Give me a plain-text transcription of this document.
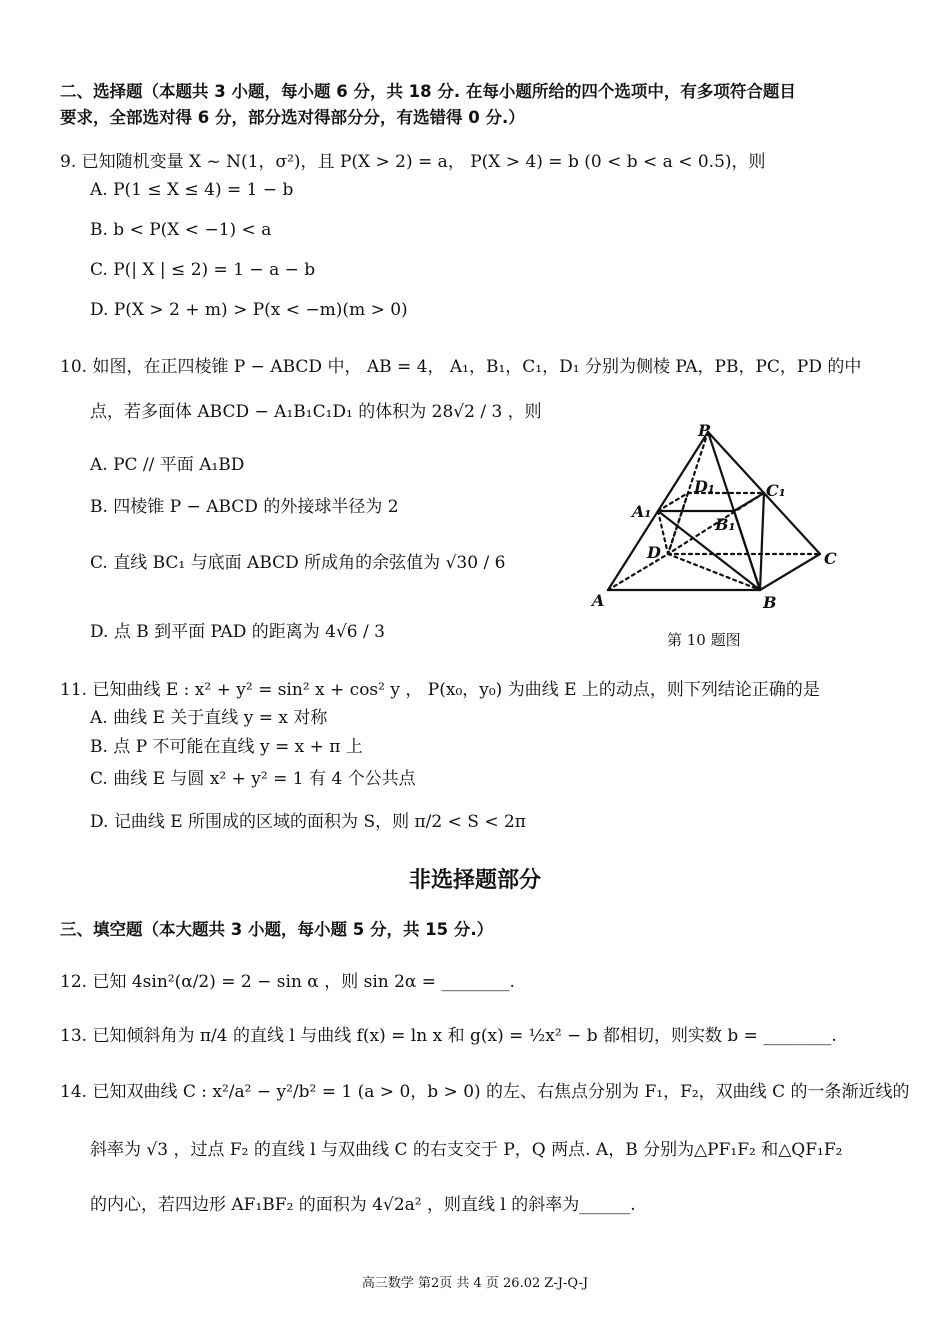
二、选择题（本题共 3 小题，每小题 6 分，共 18 分. 在每小题所给的四个选项中，有多项符合题目
要求，全部选对得 6 分，部分选对得部分分，有选错得 0 分.）
9. 已知随机变量 X ~ N(1，σ²)，且 P(X > 2) = a， P(X > 4) = b (0 < b < a < 0.5)，则
A. P(1 ≤ X ≤ 4) = 1 − b
B. b < P(X < −1) < a
C. P(| X | ≤ 2) = 1 − a − b
D. P(X > 2 + m) > P(x < −m)(m > 0)
10. 如图，在正四棱锥 P − ABCD 中， AB = 4， A₁，B₁，C₁，D₁ 分别为侧棱 PA，PB，PC，PD 的中
点，若多面体 ABCD − A₁B₁C₁D₁ 的体积为 28√2 / 3 ，则
A. PC // 平面 A₁BD
B. 四棱锥 P − ABCD 的外接球半径为 2
C. 直线 BC₁ 与底面 ABCD 所成角的余弦值为 √30 / 6
D. 点 B 到平面 PAD 的距离为 4√6 / 3
P
A	B
C
D
A₁
B₁
C₁
D₁
第 10 题图
11. 已知曲线 E : x² + y² = sin² x + cos² y ， P(x₀，y₀) 为曲线 E 上的动点，则下列结论正确的是
A. 曲线 E 关于直线 y = x 对称
B. 点 P 不可能在直线 y = x + π 上
C. 曲线 E 与圆 x² + y² = 1 有 4 个公共点
D. 记曲线 E 所围成的区域的面积为 S，则 π/2 < S < 2π
非选择题部分
三、填空题（本大题共 3 小题，每小题 5 分，共 15 分.）
12. 已知 4sin²(α/2) = 2 − sin α ，则 sin 2α = ________.
13. 已知倾斜角为 π/4 的直线 l 与曲线 f(x) = ln x 和 g(x) = ½x² − b 都相切，则实数 b = ________.
14. 已知双曲线 C : x²/a² − y²/b² = 1 (a > 0，b > 0) 的左、右焦点分别为 F₁，F₂，双曲线 C 的一条渐近线的
斜率为 √3 ，过点 F₂ 的直线 l 与双曲线 C 的右支交于 P，Q 两点. A，B 分别为△PF₁F₂ 和△QF₁F₂
的内心，若四边形 AF₁BF₂ 的面积为 4√2a² ，则直线 l 的斜率为______.
高三数学 第2页 共 4 页 26.02 Z-J-Q-J
